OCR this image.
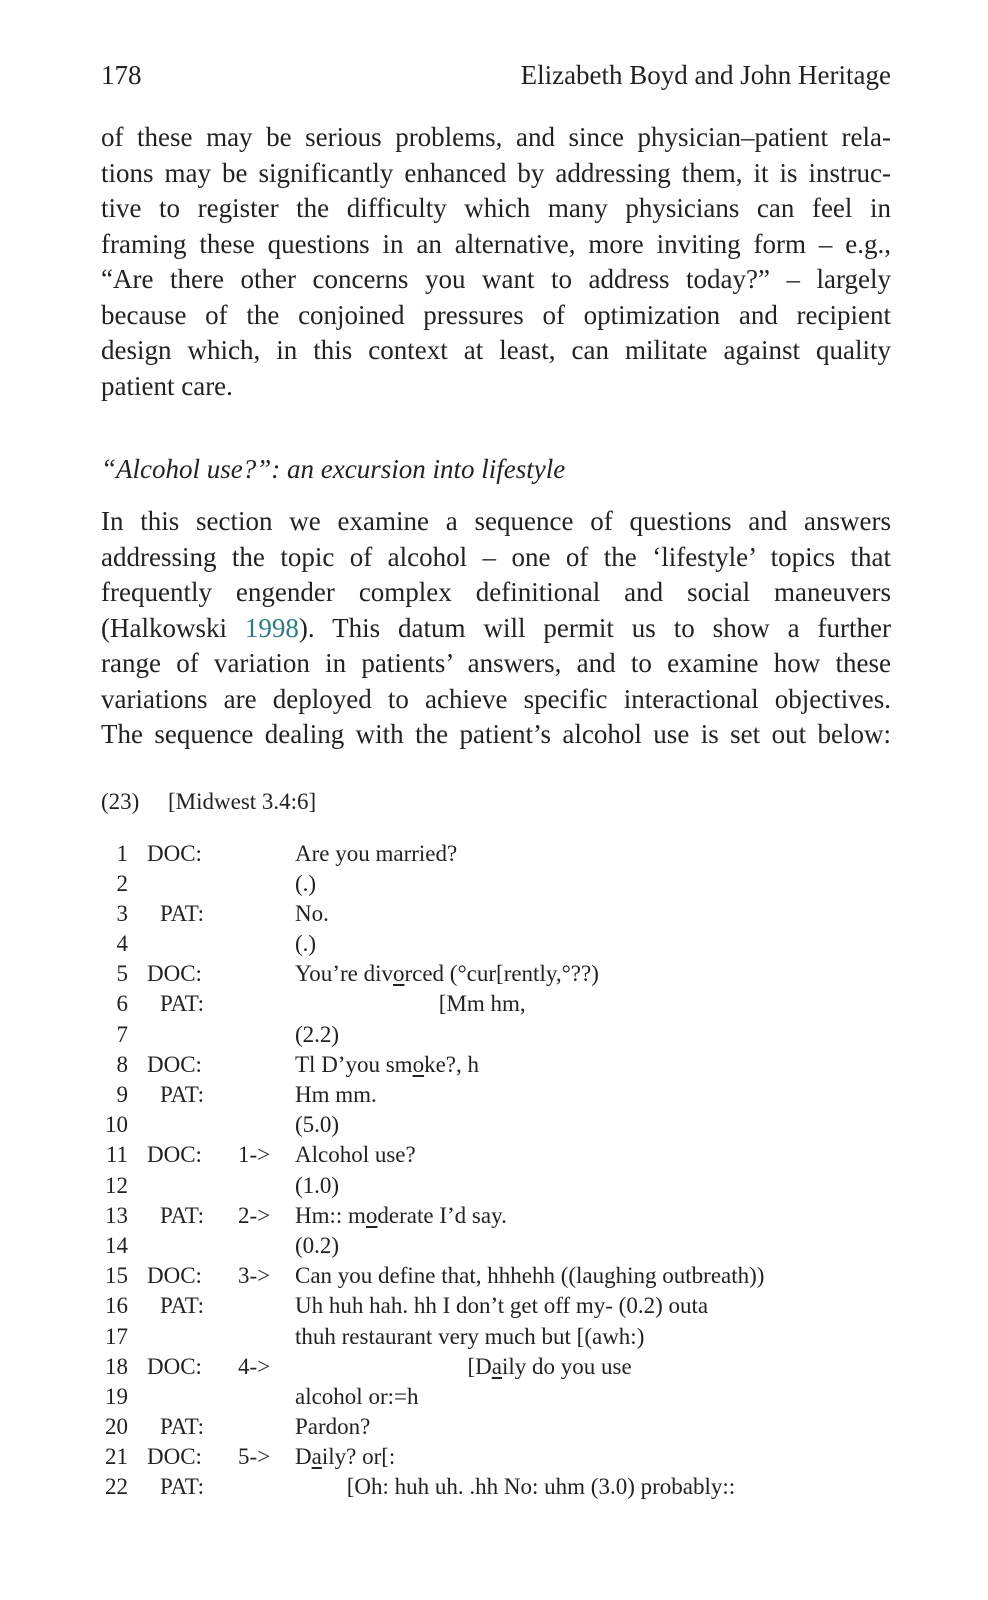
178	Elizabeth Boyd and John Heritage
of these may be serious problems, and since physician–patient rela-
tions may be significantly enhanced by addressing them, it is instruc-
tive to register the difficulty which many physicians can feel in
framing these questions in an alternative, more inviting form – e.g.,
“Are there other concerns you want to address today?” – largely
because of the conjoined pressures of optimization and recipient
design which, in this context at least, can militate against quality
patient care.
“Alcohol use?”: an excursion into lifestyle
In this section we examine a sequence of questions and answers
addressing the topic of alcohol – one of the ‘lifestyle’ topics that
frequently engender complex definitional and social maneuvers
(Halkowski 1998). This datum will permit us to show a further
range of variation in patients’ answers, and to examine how these
variations are deployed to achieve specific interactional objectives.
The sequence dealing with the patient’s alcohol use is set out below:
(23)	[Midwest 3.4:6]
1 DOC:	Are you married?
2	(.)
3 PAT:	No.
4	(.)
5 DOC:	You’re divorced (°cur[rently,°??)
6 PAT:	[Mm hm,
7	(2.2)
8 DOC:	Tl D’you smoke?, h
9 PAT:	Hm mm.
10	(5.0)
11 DOC: 1-> Alcohol use?
12	(1.0)
13 PAT: 2-> Hm:: moderate I’d say.
14	(0.2)
15 DOC: 3-> Can you define that, hhhehh ((laughing outbreath))
16 PAT:	Uh huh hah. hh I don’t get off my- (0.2) outa
17	thuh restaurant very much but [(awh:)
18 DOC: 4-> [Daily do you use
19	alcohol or:=h
20 PAT:	Pardon?
21 DOC: 5-> Daily? or[:
22 PAT:	[Oh: huh uh. .hh No: uhm (3.0) probably::
